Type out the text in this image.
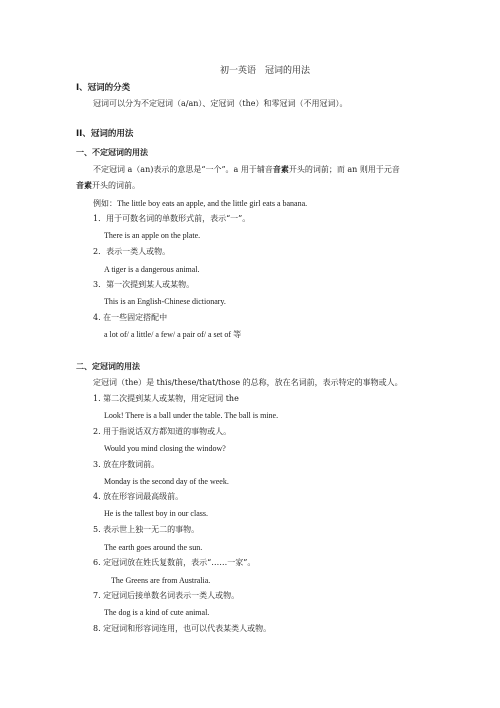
初一英语　冠词的用法
I、冠词的分类
冠词可以分为不定冠词（a/an）、定冠词（the）和零冠词（不用冠词）。
II、冠词的用法
一、不定冠词的用法
不定冠词 a（an)表示的意思是“一个”。a 用于辅音音素开头的词前；而 an 则用于元音
音素开头的词前。
例如：The little boy eats an apple, and the little girl eats a banana.
1．用于可数名词的单数形式前，表示“一”。
There is an apple on the plate.
2．表示一类人或物。
A tiger is a dangerous animal.
3．第一次提到某人或某物。
This is an English-Chinese dictionary.
4. 在一些固定搭配中
a lot of/ a little/ a few/ a pair of/ a set of 等
二、定冠词的用法
定冠词（the）是 this/these/that/those 的总称，放在名词前，表示特定的事物或人。
1. 第二次提到某人或某物，用定冠词 the
Look! There is a ball under the table. The ball is mine.
2. 用于指说话双方都知道的事物或人。
Would you mind closing the window?
3. 放在序数词前。
Monday is the second day of the week.
4. 放在形容词最高级前。
He is the tallest boy in our class.
5. 表示世上独一无二的事物。
The earth goes around the sun.
6. 定冠词放在姓氏复数前，表示“……一家”。
The Greens are from Australia.
7. 定冠词后接单数名词表示一类人或物。
The dog is a kind of cute animal.
8. 定冠词和形容词连用，也可以代表某类人或物。
